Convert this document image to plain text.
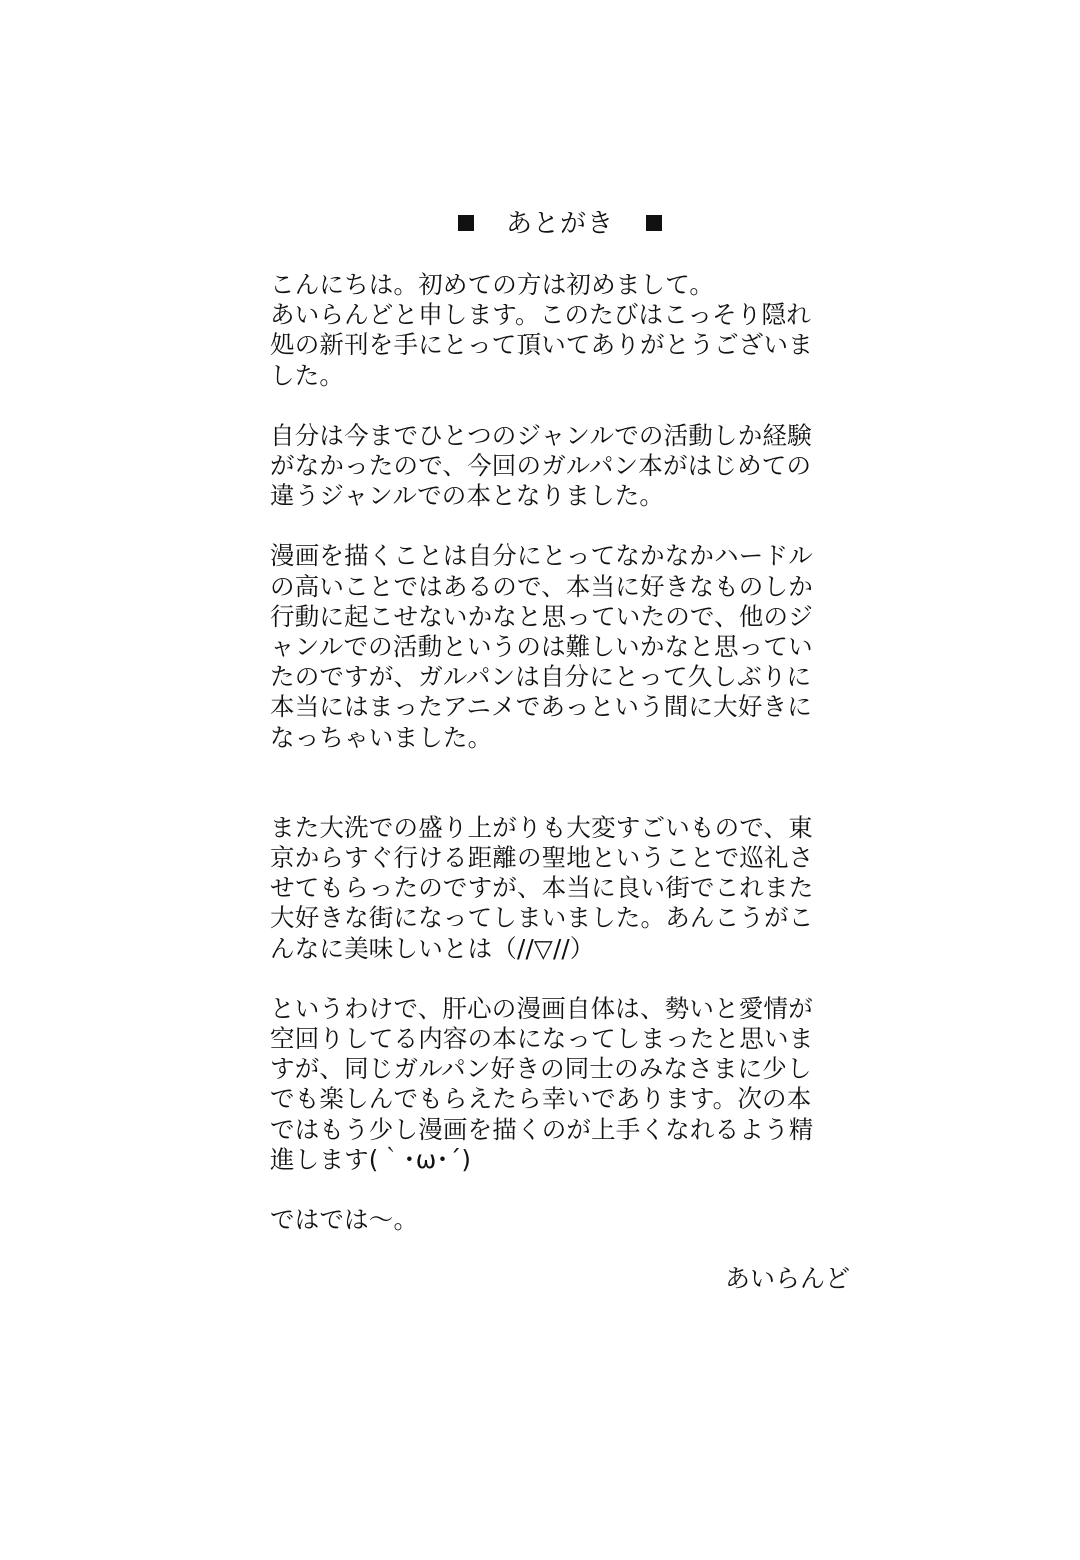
あとがき

こんにちは。初めての方は初めまして。
あいらんどと申します。このたびはこっそり隠れ
処の新刊を手にとって頂いてありがとうございま
した。

自分は今までひとつのジャンルでの活動しか経験
がなかったので、今回のガルパン本がはじめての
違うジャンルでの本となりました。

漫画を描くことは自分にとってなかなかハードル
の高いことではあるので、本当に好きなものしか
行動に起こせないかなと思っていたので、他のジ
ャンルでの活動というのは難しいかなと思ってい
たのですが、ガルパンは自分にとって久しぶりに
本当にはまったアニメであっという間に大好きに
なっちゃいました。

また大洗での盛り上がりも大変すごいもので、東
京からすぐ行ける距離の聖地ということで巡礼さ
せてもらったのですが、本当に良い街でこれまた
大好きな街になってしまいました。あんこうがこ
んなに美味しいとは（//▽//）

というわけで、肝心の漫画自体は、勢いと愛情が
空回りしてる内容の本になってしまったと思いま
すが、同じガルパン好きの同士のみなさまに少し
でも楽しんでもらえたら幸いであります。次の本
ではもう少し漫画を描くのが上手くなれるよう精
進します(｀･ω･´)

ではでは～。

あいらんど
